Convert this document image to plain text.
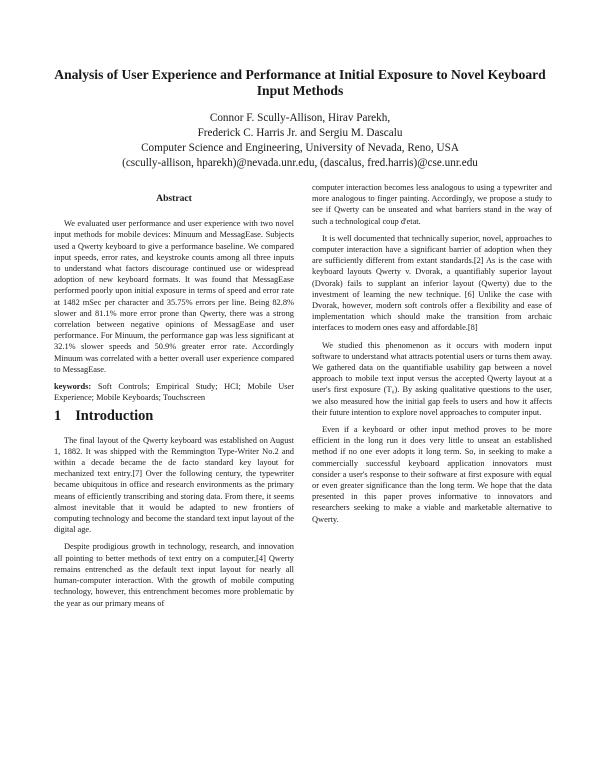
Analysis of User Experience and Performance at Initial Exposure to Novel Keyboard Input Methods
Connor F. Scully-Allison, Hirav Parekh,
Frederick C. Harris Jr. and Sergiu M. Dascalu
Computer Science and Engineering, University of Nevada, Reno, USA
(cscully-allison, hparekh)@nevada.unr.edu, (dascalus, fred.harris)@cse.unr.edu
Abstract

We evaluated user performance and user experience with two novel input methods for mobile devices: Minuum and MessagEase. Subjects used a Qwerty keyboard to give a performance baseline. We compared input speeds, error rates, and keystroke counts among all three inputs to understand what factors discourage continued use or widespread adoption of new keyboard formats. It was found that MessagEase performed poorly upon initial exposure in terms of speed and error rate at 1482 mSec per character and 35.75% errors per line. Being 82.8% slower and 81.1% more error prone than Qwerty, there was a strong correlation between negative opinions of MessagEase and user performance. For Minuum, the performance gap was less significant at 32.1% slower speeds and 50.9% greater error rate. Accordingly Minuum was correlated with a better overall user experience compared to MessagEase.

keywords: Soft Controls; Empirical Study; HCI; Mobile User Experience; Mobile Keyboards; Touchscreen

1 Introduction

The final layout of the Qwerty keyboard was established on August 1, 1882. It was shipped with the Remmington Type-Writer No.2 and within a decade became the de facto standard key layout for mechanized text entry.[7] Over the following century, the typewriter became ubiquitous in office and research environments as the primary means of efficiently transcribing and storing data. From there, it seems almost inevitable that it would be adapted to new frontiers of computing technology and become the standard text input layout of the digital age.

Despite prodigious growth in technology, research, and innovation all pointing to better methods of text entry on a computer,[4] Qwerty remains entrenched as the default text input layout for nearly all human-computer interaction. With the growth of mobile computing technology, however, this entrenchment becomes more problematic by the year as our primary means of

computer interaction becomes less analogous to using a typewriter and more analogous to finger painting. Accordingly, we propose a study to see if Qwerty can be unseated and what barriers stand in the way of such a technological coup d'etat.

It is well documented that technically superior, novel, approaches to computer interaction have a significant barrier of adoption when they are sufficiently different from extant standards.[2] As is the case with keyboard layouts Qwerty v. Dvorak, a quantifiably superior layout (Dvorak) fails to supplant an inferior layout (Qwerty) due to the investment of learning the new technique. [6] Unlike the case with Dvorak, however, modern soft controls offer a flexibility and ease of implementation which should make the transition from archaic interfaces to modern ones easy and affordable.[8]

We studied this phenomenon as it occurs with modern input software to understand what attracts potential users or turns them away. We gathered data on the quantifiable usability gap between a novel approach to mobile text input versus the accepted Qwerty layout at a user's first exposure (T₀). By asking qualitative questions to the user, we also measured how the initial gap feels to users and how it affects their future intention to explore novel approaches to computer input.

Even if a keyboard or other input method proves to be more efficient in the long run it does very little to unseat an established method if no one ever adopts it long term. So, in seeking to make a commercially successful keyboard application innovators must consider a user's response to their software at first exposure with equal or even greater significance than the long term. We hope that the data presented in this paper proves informative to innovators and researchers seeking to make a viable and marketable alternative to Qwerty.
